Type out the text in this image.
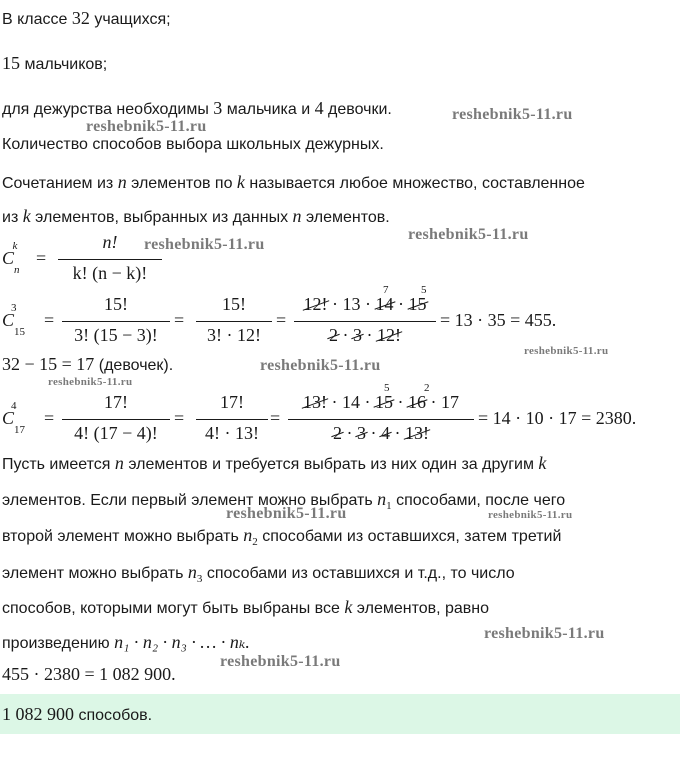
В классе 32 учащихся;
15 мальчиков;
для дежурства необходимы 3 мальчика и 4 девочки.
Количество способов выбора школьных дежурных.
Сочетанием из n элементов по k называется любое множество, составленное
из k элементов, выбранных из данных n элементов.
$C_n^k$
=
n!
k! (n − k)!
$C_{15}^3$
=
15!
3! (15 − 3)!
=
15!
3! · 12!
=
12! · 13 · 14 · 15
2 · 3 · 12!
7	5
= 13 · 35 = 455.
32 − 15 = 17 (девочек).
$C_{17}^4$
=
17!
4! (17 − 4)!
=
17!
4! · 13!
=
13! · 14 · 15 · 16 · 17
2 · 3 · 4 · 13!
5	2
= 14 · 10 · 17 = 2380.
Пусть имеется n элементов и требуется выбрать из них один за другим k
элементов. Если первый элемент можно выбрать $n_1$ способами, после чего
второй элемент можно выбрать $n_2$ способами из оставшихся, затем третий
элемент можно выбрать $n_3$ способами из оставшихся и т.д., то число
способов, которыми могут быть выбраны все k элементов, равно
произведению n₁ · n₂ · n₃ · … · nₖ.
455 · 2380 = 1 082 900.
1 082 900 способов.
reshebnik5-11.ru
reshebnik5-11.ru
reshebnik5-11.ru
reshebnik5-11.ru
reshebnik5-11.ru
reshebnik5-11.ru
reshebnik5-11.ru
reshebnik5-11.ru	reshebnik5-11.ru
reshebnik5-11.ru
reshebnik5-11.ru
